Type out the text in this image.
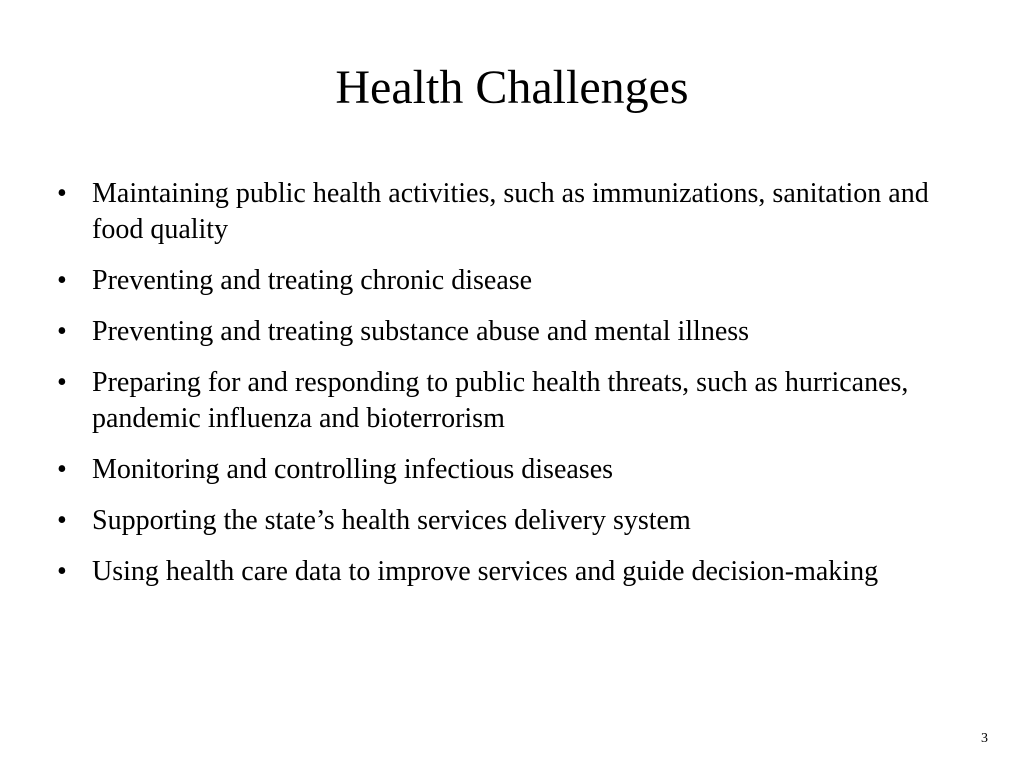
Health Challenges
• Maintaining public health activities, such as immunizations, sanitation and food quality
• Preventing and treating chronic disease
• Preventing and treating substance abuse and mental illness
• Preparing for and responding to public health threats, such as hurricanes, pandemic influenza and bioterrorism
• Monitoring and controlling infectious diseases
• Supporting the state’s health services delivery system
• Using health care data to improve services and guide decision-making
3
